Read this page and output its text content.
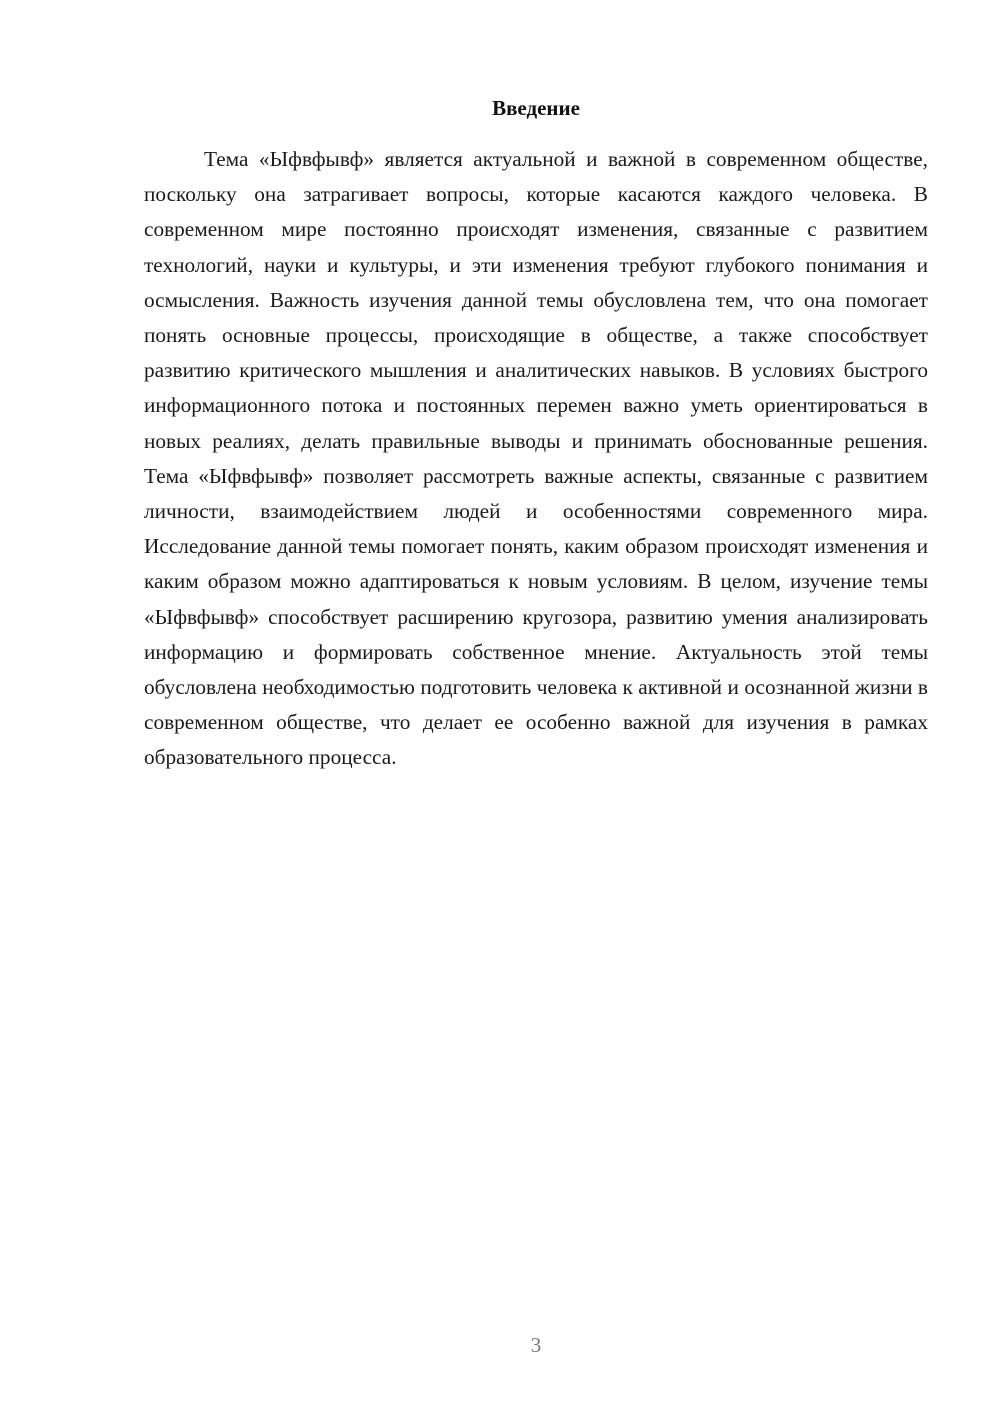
Введение

Тема «Ыфвфывф» является актуальной и важной в современном обществе, поскольку она затрагивает вопросы, которые касаются каждого человека. В современном мире постоянно происходят изменения, связанные с развитием технологий, науки и культуры, и эти изменения требуют глубокого понимания и осмысления. Важность изучения данной темы обусловлена тем, что она помогает понять основные процессы, происходящие в обществе, а также способствует развитию критического мышления и аналитических навыков. В условиях быстрого информационного потока и постоянных перемен важно уметь ориентироваться в новых реалиях, делать правильные выводы и принимать обоснованные решения. Тема «Ыфвфывф» позволяет рассмотреть важные аспекты, связанные с развитием личности, взаимодействием людей и особенностями современного мира. Исследование данной темы помогает понять, каким образом происходят изменения и каким образом можно адаптироваться к новым условиям. В целом, изучение темы «Ыфвфывф» способствует расширению кругозора, развитию умения анализировать информацию и формировать собственное мнение. Актуальность этой темы обусловлена необходимостью подготовить человека к активной и осознанной жизни в современном обществе, что делает ее особенно важной для изучения в рамках образовательного процесса.

3
